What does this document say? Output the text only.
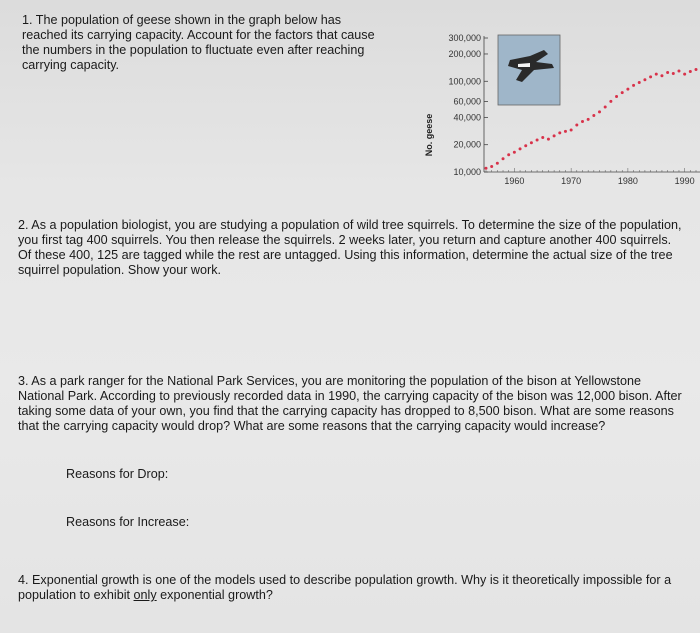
1. The population of geese shown in the graph below has reached its carrying capacity. Account for the factors that cause the numbers in the population to fluctuate even after reaching carrying capacity.
300,000
200,000
100,000
60,000
40,000
20,000
10,000
1960	1970	1980	1990
No. geese
2. As a population biologist, you are studying a population of wild tree squirrels. To determine the size of the population, you first tag 400 squirrels. You then release the squirrels. 2 weeks later, you return and capture another 400 squirrels. Of these 400, 125 are tagged while the rest are untagged. Using this information, determine the actual size of the tree squirrel population. Show your work.
3. As a park ranger for the National Park Services, you are monitoring the population of the bison at Yellowstone National Park. According to previously recorded data in 1990, the carrying capacity of the bison was 12,000 bison. After taking some data of your own, you find that the carrying capacity has dropped to 8,500 bison. What are some reasons that the carrying capacity would drop? What are some reasons that the carrying capacity would increase?
Reasons for Drop:
Reasons for Increase:
4. Exponential growth is one of the models used to describe population growth. Why is it theoretically impossible for a population to exhibit only exponential growth?
